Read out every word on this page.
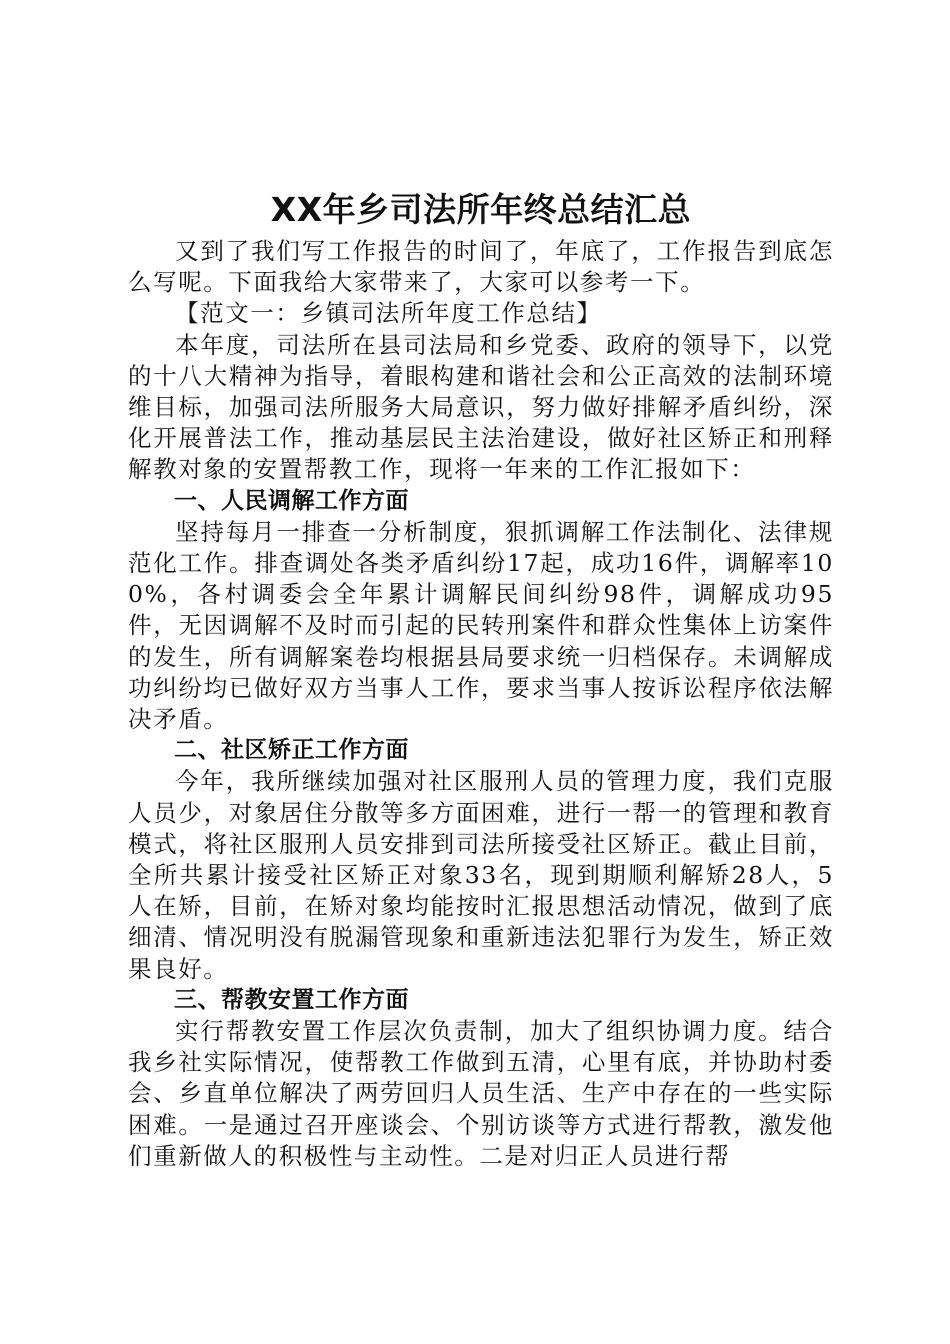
XX年乡司法所年终总结汇总

又到了我们写工作报告的时间了，年底了，工作报告到底怎么写呢。下面我给大家带来了，大家可以参考一下。

【范文一：乡镇司法所年度工作总结】

本年度，司法所在县司法局和乡党委、政府的领导下，以党的十八大精神为指导，着眼构建和谐社会和公正高效的法制环境维目标，加强司法所服务大局意识，努力做好排解矛盾纠纷，深化开展普法工作，推动基层民主法治建设，做好社区矫正和刑释解教对象的安置帮教工作，现将一年来的工作汇报如下：

一、人民调解工作方面

坚持每月一排查一分析制度，狠抓调解工作法制化、法律规范化工作。排查调处各类矛盾纠纷17起，成功16件，调解率100%，各村调委会全年累计调解民间纠纷98件，调解成功95件，无因调解不及时而引起的民转刑案件和群众性集体上访案件的发生，所有调解案卷均根据县局要求统一归档保存。未调解成功纠纷均已做好双方当事人工作，要求当事人按诉讼程序依法解决矛盾。

二、社区矫正工作方面

今年，我所继续加强对社区服刑人员的管理力度，我们克服人员少，对象居住分散等多方面困难，进行一帮一的管理和教育模式，将社区服刑人员安排到司法所接受社区矫正。截止目前，全所共累计接受社区矫正对象33名，现到期顺利解矫28人，5人在矫，目前，在矫对象均能按时汇报思想活动情况，做到了底细清、情况明没有脱漏管现象和重新违法犯罪行为发生，矫正效果良好。

三、帮教安置工作方面

实行帮教安置工作层次负责制，加大了组织协调力度。结合我乡社实际情况，使帮教工作做到五清，心里有底，并协助村委会、乡直单位解决了两劳回归人员生活、生产中存在的一些实际困难。一是通过召开座谈会、个别访谈等方式进行帮教，激发他们重新做人的积极性与主动性。二是对归正人员进行帮
